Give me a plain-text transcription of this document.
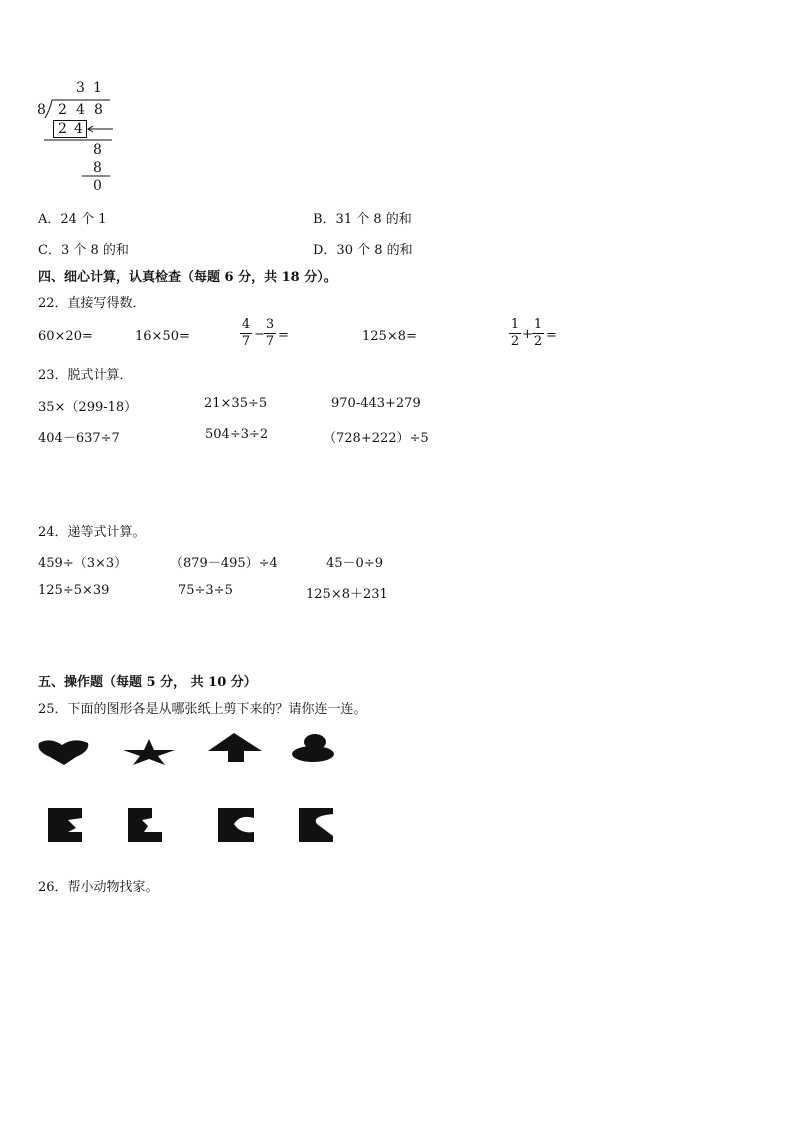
3 1
8 2 4 8
2 4
8
8
0
A．24 个 1	B．31 个 8 的和
C．3 个 8 的和	D．30 个 8 的和
四、细心计算，认真检查（每题 6 分，共 18 分）。
22．直接写得数．
60×20=	16×50=
4
7 −
3
7 =	125×8=
1
2 +
1
2 =
23．脱式计算．
35×（299-18）	21×35÷5	970-443+279
404－637÷7	504÷3÷2	（728+222）÷5
24．递等式计算。
459÷（3×3）	（879－495）÷4	45－0÷9
125÷5×39	75÷3÷5	125×8＋231
五、操作题（每题 5 分， 共 10 分）
25．下面的图形各是从哪张纸上剪下来的？请你连一连。
26．帮小动物找家。
